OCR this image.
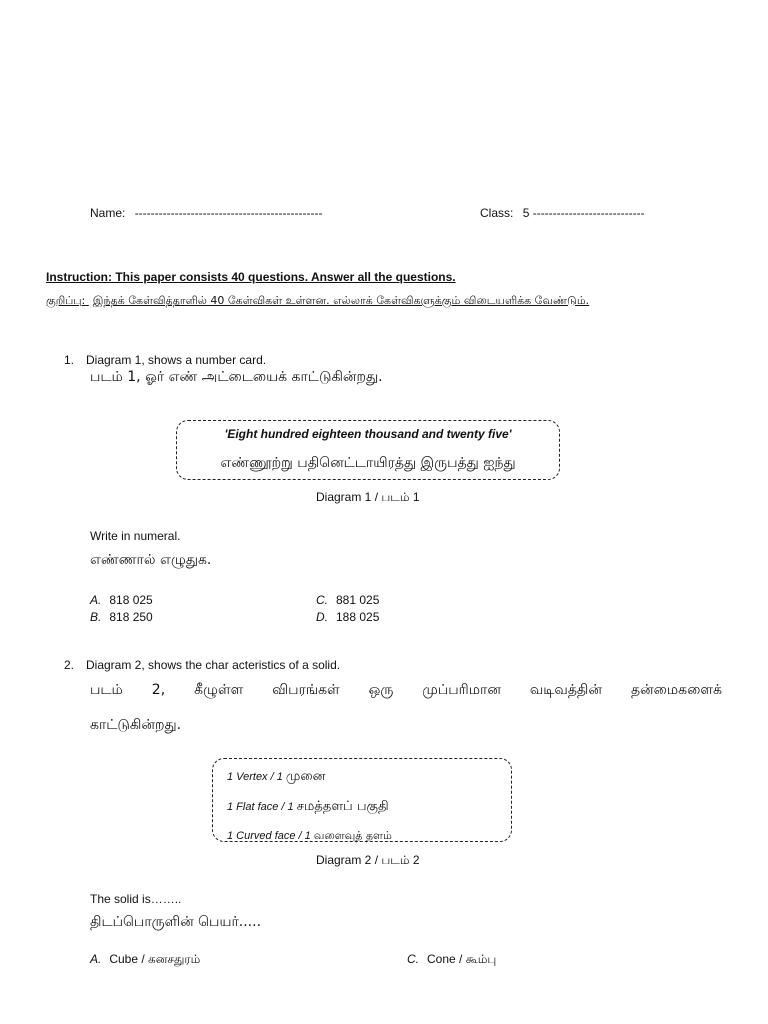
Name: -----------------------------------------------	Class: 5 ----------------------------
Instruction: This paper consists 40 questions. Answer all the questions.
குறிப்பு: இந்தக் கேள்வித்தாளில் 40 கேள்விகள் உள்ளன. எல்லாக் கேள்விகளுக்கும் விடையளிக்க வேண்டும்.
1. Diagram 1, shows a number card.
படம் 1, ஓர் எண் அட்டையைக் காட்டுகின்றது.
'Eight hundred eighteen thousand and twenty five'
எண்ணூற்று பதினெட்டாயிரத்து இருபத்து ஐந்து
Diagram 1 / படம் 1
Write in numeral.
எண்ணால் எழுதுக.
A. 818 025
B. 818 250
C. 881 025
D. 188 025
2. Diagram 2, shows the char acteristics of a solid.
படம் 2, கீழுள்ள விபரங்கள் ஒரு முப்பரிமான வடிவத்தின் தன்மைகளைக்
காட்டுகின்றது.
1 Vertex / 1 முனை
1 Flat face / 1 சமத்தளப் பகுதி
1 Curved face / 1 வளைவுத் தளம்
Diagram 2 / படம் 2
The solid is……..
திடப்பொருளின் பெயர்.....
A. Cube / கனசதுரம்	C. Cone / கூம்பு
